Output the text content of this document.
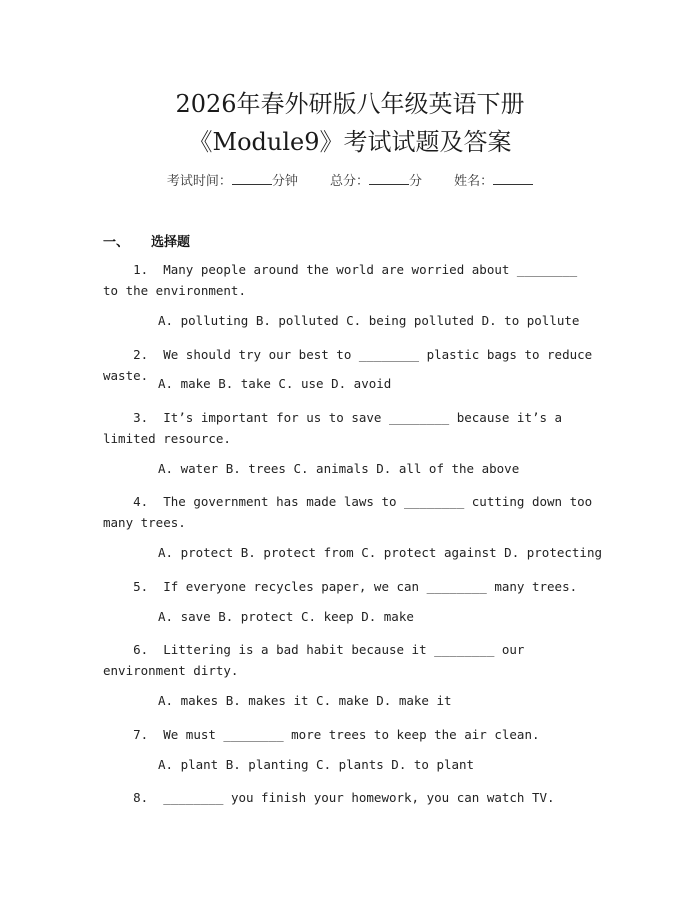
2026年春外研版八年级英语下册
《Module9》考试试题及答案
考试时间：	分钟 总分：	分 姓名：
一、 选择题
1.  Many people around the world are worried about ________ to the environment.
A. polluting B. polluted C. being polluted D. to pollute
2.  We should try our best to ________ plastic bags to reduce waste.
A. make B. take C. use D. avoid
3.  It’s important for us to save ________ because it’s a limited resource.
A. water B. trees C. animals D. all of the above
4.  The government has made laws to ________ cutting down too many trees.
A. protect B. protect from C. protect against D. protecting
5.  If everyone recycles paper, we can ________ many trees.
A. save B. protect C. keep D. make
6.  Littering is a bad habit because it ________ our environment dirty.
A. makes B. makes it C. make D. make it
7.  We must ________ more trees to keep the air clean.
A. plant B. planting C. plants D. to plant
8.  ________ you finish your homework, you can watch TV.
